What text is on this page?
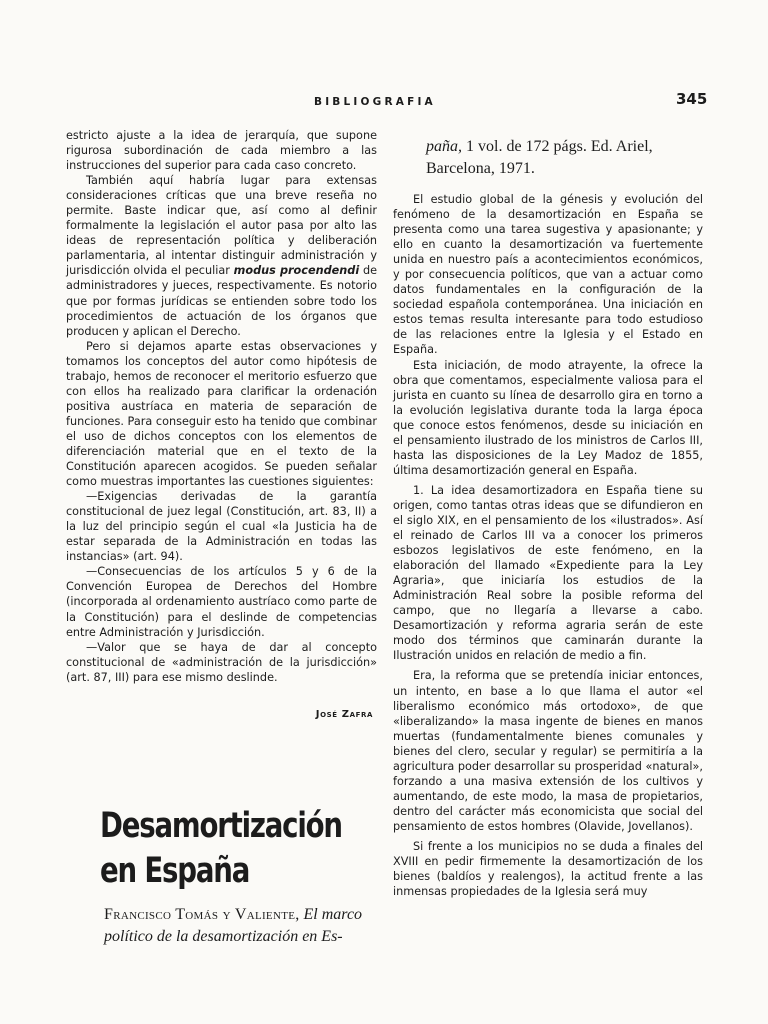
BIBLIOGRAFIA	345

estricto ajuste a la idea de jerarquía, que supone rigurosa subordinación de cada miembro a las instrucciones del superior para cada caso concreto.

También aquí habría lugar para extensas consideraciones críticas que una breve reseña no permite. Baste indicar que, así como al definir formalmente la legislación el autor pasa por alto las ideas de representación política y deliberación parlamentaria, al intentar distinguir administración y jurisdicción olvida el peculiar modus procendendi de administradores y jueces, respectivamente. Es notorio que por formas jurídicas se entienden sobre todo los procedimientos de actuación de los órganos que producen y aplican el Derecho.

Pero si dejamos aparte estas observaciones y tomamos los conceptos del autor como hipótesis de trabajo, hemos de reconocer el meritorio esfuerzo que con ellos ha realizado para clarificar la ordenación positiva austríaca en materia de separación de funciones. Para conseguir esto ha tenido que combinar el uso de dichos conceptos con los elementos de diferenciación material que en el texto de la Constitución aparecen acogidos. Se pueden señalar como muestras importantes las cuestiones siguientes:

—Exigencias derivadas de la garantía constitucional de juez legal (Constitución, art. 83, II) a la luz del principio según el cual «la Justicia ha de estar separada de la Administración en todas las instancias» (art. 94).

—Consecuencias de los artículos 5 y 6 de la Convención Europea de Derechos del Hombre (incorporada al ordenamiento austríaco como parte de la Constitución) para el deslinde de competencias entre Administración y Jurisdicción.

—Valor que se haya de dar al concepto constitucional de «administración de la jurisdicción» (art. 87, III) para ese mismo deslinde.

José Zafra
Desamortización
en España
Francisco Tomás y Valiente, El marco político de la desamortización en Es-
paña, 1 vol. de 172 págs. Ed. Ariel, Barcelona, 1971.

El estudio global de la génesis y evolución del fenómeno de la desamortización en España se presenta como una tarea sugestiva y apasionante; y ello en cuanto la desamortización va fuertemente unida en nuestro país a acontecimientos económicos, y por consecuencia políticos, que van a actuar como datos fundamentales en la configuración de la sociedad española contemporánea. Una iniciación en estos temas resulta interesante para todo estudioso de las relaciones entre la Iglesia y el Estado en España.

Esta iniciación, de modo atrayente, la ofrece la obra que comentamos, especialmente valiosa para el jurista en cuanto su línea de desarrollo gira en torno a la evolución legislativa durante toda la larga época que conoce estos fenómenos, desde su iniciación en el pensamiento ilustrado de los ministros de Carlos III, hasta las disposiciones de la Ley Madoz de 1855, última desamortización general en España.

1. La idea desamortizadora en España tiene su origen, como tantas otras ideas que se difundieron en el siglo XIX, en el pensamiento de los «ilustrados». Así el reinado de Carlos III va a conocer los primeros esbozos legislativos de este fenómeno, en la elaboración del llamado «Expediente para la Ley Agraria», que iniciaría los estudios de la Administración Real sobre la posible reforma del campo, que no llegaría a llevarse a cabo. Desamortización y reforma agraria serán de este modo dos términos que caminarán durante la Ilustración unidos en relación de medio a fin.

Era, la reforma que se pretendía iniciar entonces, un intento, en base a lo que llama el autor «el liberalismo económico más ortodoxo», de que «liberalizando» la masa ingente de bienes en manos muertas (fundamentalmente bienes comunales y bienes del clero, secular y regular) se permitiría a la agricultura poder desarrollar su prosperidad «natural», forzando a una masiva extensión de los cultivos y aumentando, de este modo, la masa de propietarios, dentro del carácter más economicista que social del pensamiento de estos hombres (Olavide, Jovellanos).

Si frente a los municipios no se duda a finales del XVIII en pedir firmemente la desamortización de los bienes (baldíos y realengos), la actitud frente a las inmensas propiedades de la Iglesia será muy
